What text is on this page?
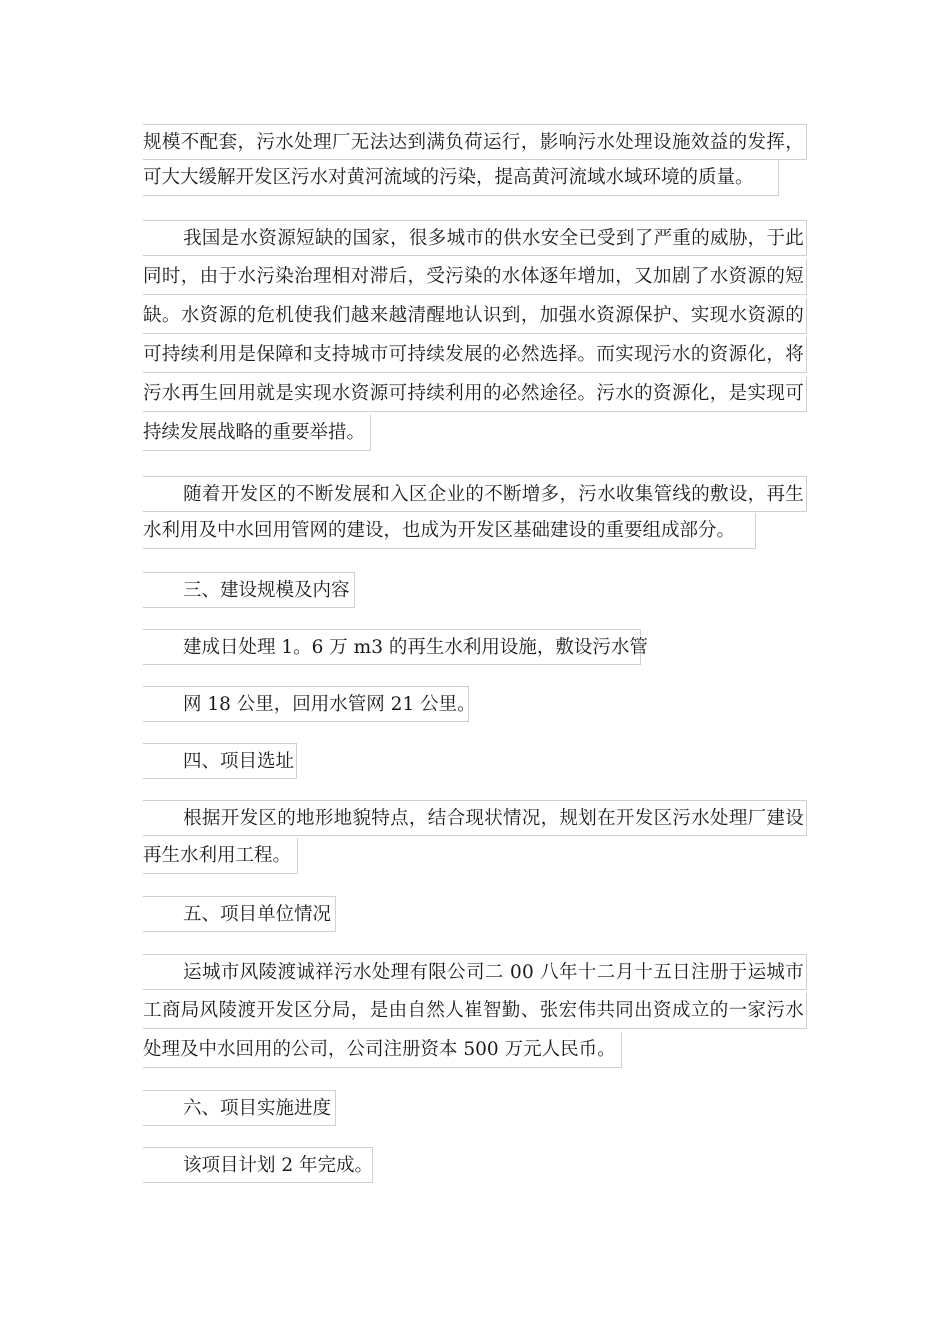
规模不配套，污水处理厂无法达到满负荷运行，影响污水处理设施效益的发挥，
可大大缓解开发区污水对黄河流域的污染，提高黄河流域水域环境的质量。
我国是水资源短缺的国家，很多城市的供水安全已受到了严重的威胁，于此
同时，由于水污染治理相对滞后，受污染的水体逐年增加，又加剧了水资源的短
缺。水资源的危机使我们越来越清醒地认识到，加强水资源保护、实现水资源的
可持续利用是保障和支持城市可持续发展的必然选择。而实现污水的资源化，将
污水再生回用就是实现水资源可持续利用的必然途径。污水的资源化，是实现可
持续发展战略的重要举措。
随着开发区的不断发展和入区企业的不断增多，污水收集管线的敷设，再生
水利用及中水回用管网的建设，也成为开发区基础建设的重要组成部分。
三、建设规模及内容
建成日处理 1。6 万 m3 的再生水利用设施，敷设污水管
网 18 公里，回用水管网 21 公里。
四、项目选址
根据开发区的地形地貌特点，结合现状情况，规划在开发区污水处理厂建设
再生水利用工程。
五、项目单位情况
运城市风陵渡诚祥污水处理有限公司二 00 八年十二月十五日注册于运城市
工商局风陵渡开发区分局，是由自然人崔智勤、张宏伟共同出资成立的一家污水
处理及中水回用的公司，公司注册资本 500 万元人民币。
六、项目实施进度
该项目计划 2 年完成。
